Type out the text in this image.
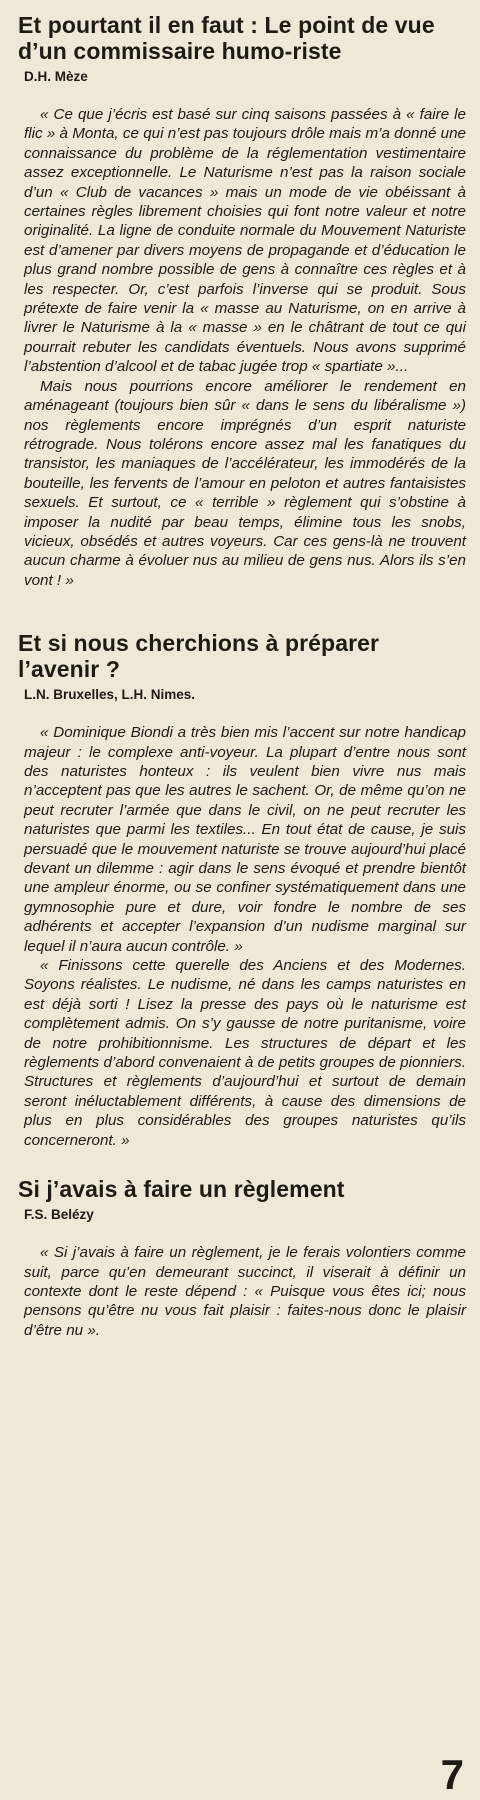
Et pourtant il en faut : Le point de vue d’un commissaire humo-riste
D.H. Mèze

« Ce que j’écris est basé sur cinq saisons passées à « faire le flic » à Monta, ce qui n’est pas toujours drôle mais m’a donné une connaissance du problème de la réglementation vestimentaire assez exceptionnelle. Le Naturisme n’est pas la raison sociale d’un « Club de vacances » mais un mode de vie obéissant à certaines règles librement choisies qui font notre valeur et notre originalité. La ligne de conduite normale du Mouvement Naturiste est d’amener par divers moyens de propagande et d’éducation le plus grand nombre possible de gens à connaître ces règles et à les respecter. Or, c’est parfois l’inverse qui se produit. Sous prétexte de faire venir la « masse au Naturisme, on en arrive à livrer le Naturisme à la « masse » en le châtrant de tout ce qui pourrait rebuter les candidats éventuels. Nous avons supprimé l’abstention d’alcool et de tabac jugée trop « spartiate »...

Mais nous pourrions encore améliorer le rendement en aménageant (toujours bien sûr « dans le sens du libéralisme ») nos règlements encore imprégnés d’un esprit naturiste rétrograde. Nous tolérons encore assez mal les fanatiques du transistor, les maniaques de l’accélérateur, les immodérés de la bouteille, les fervents de l’amour en peloton et autres fantaisistes sexuels. Et surtout, ce « terrible » règlement qui s’obstine à imposer la nudité par beau temps, élimine tous les snobs, vicieux, obsédés et autres voyeurs. Car ces gens-là ne trouvent aucun charme à évoluer nus au milieu de gens nus. Alors ils s’en vont ! »

Et si nous cherchions à préparer l’avenir ?
L.N. Bruxelles, L.H. Nimes.

« Dominique Biondi a très bien mis l’accent sur notre handicap majeur : le complexe anti-voyeur. La plupart d’entre nous sont des naturistes honteux : ils veulent bien vivre nus mais n’acceptent pas que les autres le sachent. Or, de même qu’on ne peut recruter l’armée que dans le civil, on ne peut recruter les naturistes que parmi les textiles... En tout état de cause, je suis persuadé que le mouvement naturiste se trouve aujourd’hui placé devant un dilemme : agir dans le sens évoqué et prendre bientôt une ampleur énorme, ou se confiner systématiquement dans une gymnosophie pure et dure, voir fondre le nombre de ses adhérents et accepter l’expansion d’un nudisme marginal sur lequel il n’aura aucun contrôle. »

« Finissons cette querelle des Anciens et des Modernes. Soyons réalistes. Le nudisme, né dans les camps naturistes en est déjà sorti ! Lisez la presse des pays où le naturisme est complètement admis. On s’y gausse de notre puritanisme, voire de notre prohibitionnisme. Les structures de départ et les règlements d’abord convenaient à de petits groupes de pionniers. Structures et règlements d’aujourd’hui et surtout de demain seront inéluctablement différents, à cause des dimensions de plus en plus considérables des groupes naturistes qu’ils concerneront. »

Si j’avais à faire un règlement
F.S. Belézy

« Si j’avais à faire un règlement, je le ferais volontiers comme suit, parce qu’en demeurant succinct, il viserait à définir un contexte dont le reste dépend : « Puisque vous êtes ici; nous pensons qu’être nu vous fait plaisir : faites-nous donc le plaisir d’être nu ».

7
